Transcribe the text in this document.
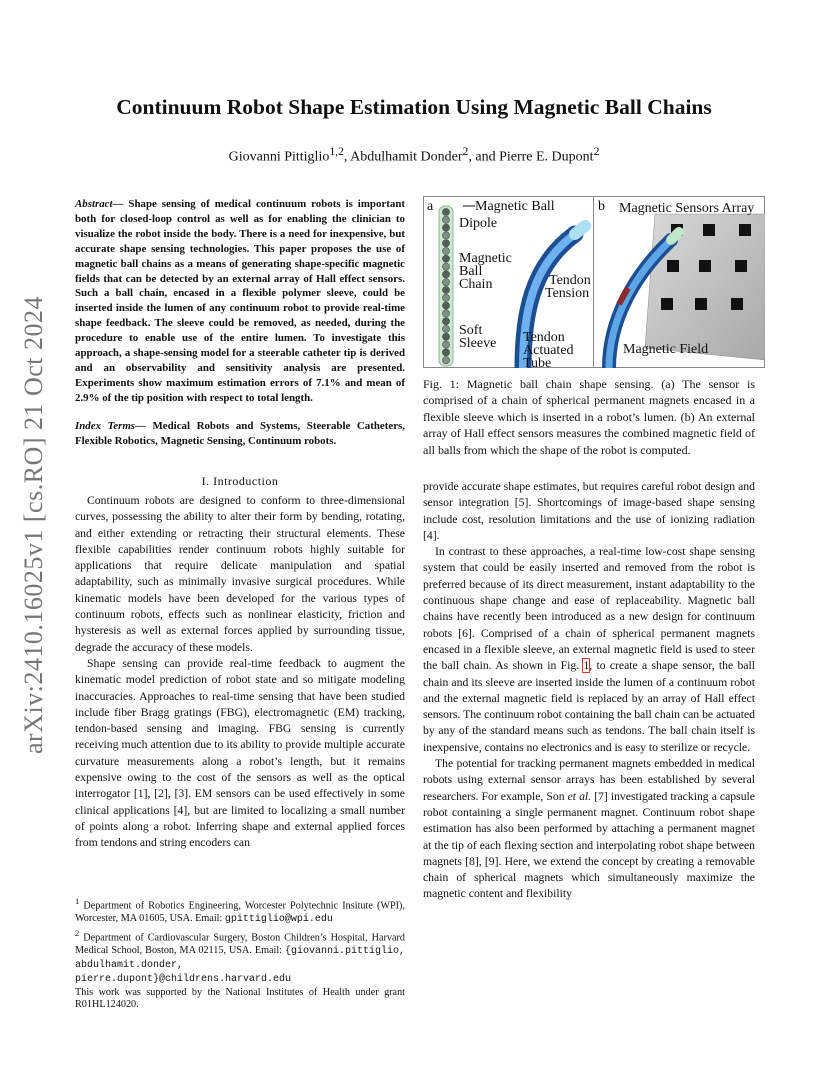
arXiv:2410.16025v1 [cs.RO] 21 Oct 2024
Continuum Robot Shape Estimation Using Magnetic Ball Chains
Giovanni Pittiglio$^{1,2}$, Abdulhamit Donder$^2$, and Pierre E. Dupont$^2$
Abstract— Shape sensing of medical continuum robots is important both for closed-loop control as well as for enabling the clinician to visualize the robot inside the body. There is a need for inexpensive, but accurate shape sensing technologies. This paper proposes the use of magnetic ball chains as a means of generating shape-specific magnetic fields that can be detected by an external array of Hall effect sensors. Such a ball chain, encased in a flexible polymer sleeve, could be inserted inside the lumen of any continuum robot to provide real-time shape feedback. The sleeve could be removed, as needed, during the procedure to enable use of the entire lumen. To investigate this approach, a shape-sensing model for a steerable catheter tip is derived and an observability and sensitivity analysis are presented. Experiments show maximum estimation errors of 7.1% and mean of 2.9% of the tip position with respect to total length.
Index Terms— Medical Robots and Systems, Steerable Catheters, Flexible Robotics, Magnetic Sensing, Continuum robots.
I. Introduction

Continuum robots are designed to conform to three-dimensional curves, possessing the ability to alter their form by bending, rotating, and either extending or retracting their structural elements. These flexible capabilities render continuum robots highly suitable for applications that require delicate manipulation and spatial adaptability, such as minimally invasive surgical procedures. While kinematic models have been developed for the various types of continuum robots, effects such as nonlinear elasticity, friction and hysteresis as well as external forces applied by surrounding tissue, degrade the accuracy of these models.

Shape sensing can provide real-time feedback to augment the kinematic model prediction of robot state and so mitigate modeling inaccuracies. Approaches to real-time sensing that have been studied include fiber Bragg gratings (FBG), electromagnetic (EM) tracking, tendon-based sensing and imaging. FBG sensing is currently receiving much attention due to its ability to provide multiple accurate curvature measurements along a robot’s length, but it remains expensive owing to the cost of the sensors as well as the optical interrogator [1], [2], [3]. EM sensors can be used effectively in some clinical applications [4], but are limited to localizing a small number of points along a robot. Inferring shape and external applied forces from tendons and string encoders can

$^1$ Department of Robotics Engineering, Worcester Polytechnic Insitute (WPI), Worcester, MA 01605, USA. Email: gpittiglio@wpi.edu

$^2$ Department of Cardiovascular Surgery, Boston Children’s Hospital, Harvard Medical School, Boston, MA 02115, USA. Email: {giovanni.pittiglio, abdulhamit.donder, pierre.dupont}@childrens.harvard.edu

This work was supported by the National Institutes of Health under grant R01HL124020.

a	Magnetic Ball
Dipole
Magnetic
Ball
Chain	Tendon
Tension
Soft
Sleeve Tendon
Actuated
Tube
b Magnetic Sensors Array
Magnetic Field
Fig. 1: Magnetic ball chain shape sensing. (a) The sensor is comprised of a chain of spherical permanent magnets encased in a flexible sleeve which is inserted in a robot’s lumen. (b) An external array of Hall effect sensors measures the combined magnetic field of all balls from which the shape of the robot is computed.

provide accurate shape estimates, but requires careful robot design and sensor integration [5]. Shortcomings of image-based shape sensing include cost, resolution limitations and the use of ionizing radiation [4].

In contrast to these approaches, a real-time low-cost shape sensing system that could be easily inserted and removed from the robot is preferred because of its direct measurement, instant adaptability to the continuous shape change and ease of replaceability. Magnetic ball chains have recently been introduced as a new design for continuum robots [6]. Comprised of a chain of spherical permanent magnets encased in a flexible sleeve, an external magnetic field is used to steer the ball chain. As shown in Fig. 1, to create a shape sensor, the ball chain and its sleeve are inserted inside the lumen of a continuum robot and the external magnetic field is replaced by an array of Hall effect sensors. The continuum robot containing the ball chain can be actuated by any of the standard means such as tendons. The ball chain itself is inexpensive, contains no electronics and is easy to sterilize or recycle.

The potential for tracking permanent magnets embedded in medical robots using external sensor arrays has been established by several researchers. For example, Son et al. [7] investigated tracking a capsule robot containing a single permanent magnet. Continuum robot shape estimation has also been performed by attaching a permanent magnet at the tip of each flexing section and interpolating robot shape between magnets [8], [9]. Here, we extend the concept by creating a removable chain of spherical magnets which simultaneously maximize the magnetic content and flexibility
